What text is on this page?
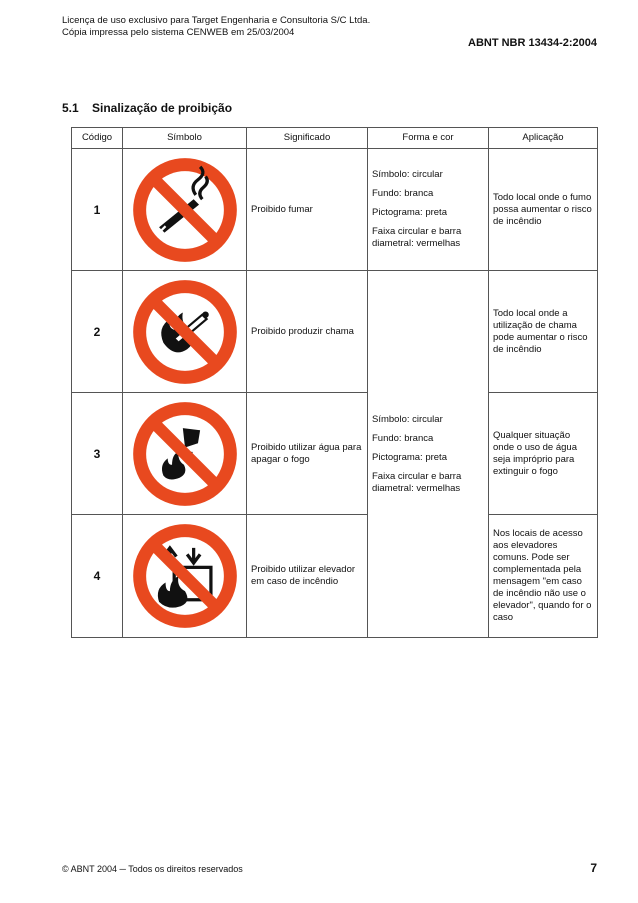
Licença de uso exclusivo para Target Engenharia e Consultoria S/C Ltda.
Cópia impressa pelo sistema CENWEB em 25/03/2004
ABNT NBR 13434-2:2004
5.1 Sinalização de proibição
Código	Símbolo	Significado	Forma e cor	Aplicação
1		Proibido fumar	Símbolo: circular

Fundo: branca

Pictograma: preta

Faixa circular e barra diametral: vermelhas	Todo local onde o fumo possa aumentar o risco de incêndio
2		Proibido produzir chama	Símbolo: circular

Fundo: branca

Pictograma: preta

Faixa circular e barra diametral: vermelhas	Todo local onde a utilização de chama pode aumentar o risco de incêndio
3		Proibido utilizar água para apagar o fogo		Qualquer situação onde o uso de água seja impróprio para extinguir o fogo
4		Proibido utilizar elevador em caso de incêndio		Nos locais de acesso aos elevadores comuns. Pode ser complementada pela mensagem "em caso de incêndio não use o elevador", quando for o caso
© ABNT 2004 ─ Todos os direitos reservados	7
